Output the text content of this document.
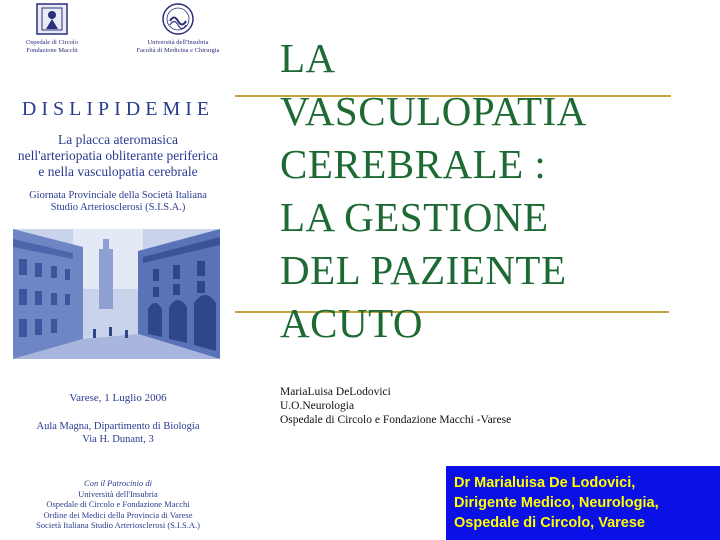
Ospedale di Circolo
Fondazione Macchi
Università dell'Insubria
Facoltà di Medicina e Chirurgia
DISLIPIDEMIE
La placca ateromasica
nell'arteriopatia obliterante periferica
e nella vasculopatia cerebrale
Giornata Provinciale della Società Italiana
Studio Arteriosclerosi (S.I.S.A.)
Varese, 1 Luglio 2006
Aula Magna, Dipartimento di Biologia
Via H. Dunant, 3
Con il Patrocinio di
Università dell'Insubria
Ospedale di Circolo e Fondazione Macchi
Ordine dei Medici della Provincia di Varese
Società Italiana Studio Arteriosclerosi (S.I.S.A.)
LA
VASCULOPATIA
CEREBRALE :
LA GESTIONE
DEL PAZIENTE
ACUTO
MariaLuisa DeLodovici
U.O.Neurologia
Ospedale di Circolo e Fondazione Macchi -Varese
Dr Marialuisa De Lodovici,
Dirigente Medico, Neurologia,
Ospedale di Circolo, Varese
